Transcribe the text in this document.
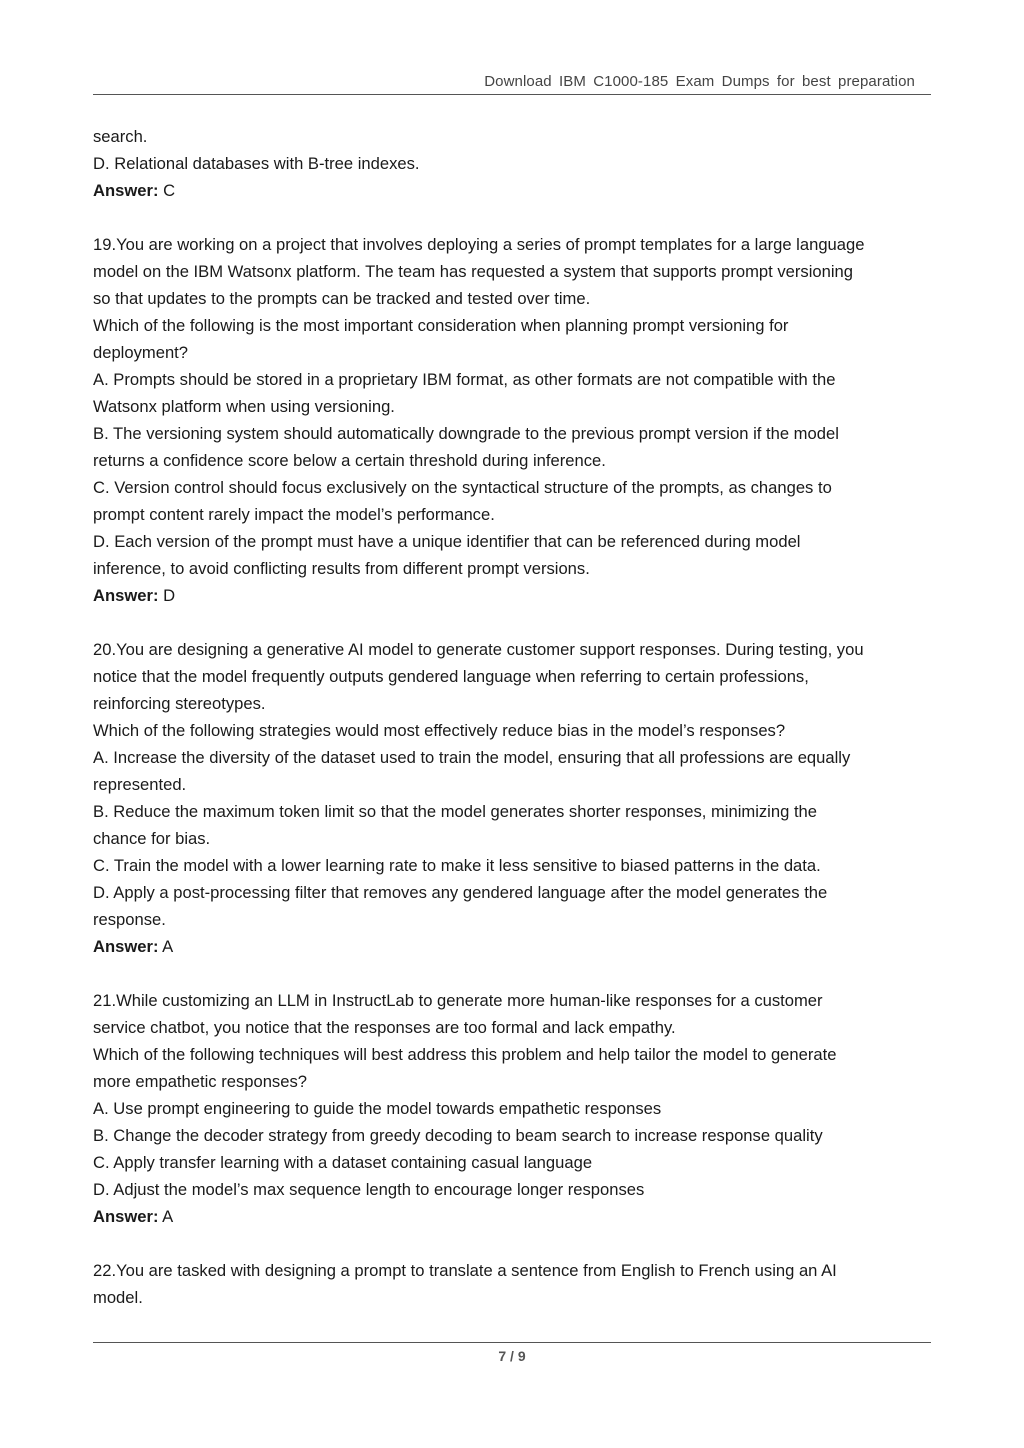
Download IBM C1000-185 Exam Dumps for best preparation
search.
D. Relational databases with B-tree indexes.
Answer: C
19.You are working on a project that involves deploying a series of prompt templates for a large language
model on the IBM Watsonx platform. The team has requested a system that supports prompt versioning
so that updates to the prompts can be tracked and tested over time.
Which of the following is the most important consideration when planning prompt versioning for
deployment?
A. Prompts should be stored in a proprietary IBM format, as other formats are not compatible with the
Watsonx platform when using versioning.
B. The versioning system should automatically downgrade to the previous prompt version if the model
returns a confidence score below a certain threshold during inference.
C. Version control should focus exclusively on the syntactical structure of the prompts, as changes to
prompt content rarely impact the model’s performance.
D. Each version of the prompt must have a unique identifier that can be referenced during model
inference, to avoid conflicting results from different prompt versions.
Answer: D
20.You are designing a generative AI model to generate customer support responses. During testing, you
notice that the model frequently outputs gendered language when referring to certain professions,
reinforcing stereotypes.
Which of the following strategies would most effectively reduce bias in the model’s responses?
A. Increase the diversity of the dataset used to train the model, ensuring that all professions are equally
represented.
B. Reduce the maximum token limit so that the model generates shorter responses, minimizing the
chance for bias.
C. Train the model with a lower learning rate to make it less sensitive to biased patterns in the data.
D. Apply a post-processing filter that removes any gendered language after the model generates the
response.
Answer: A
21.While customizing an LLM in InstructLab to generate more human-like responses for a customer
service chatbot, you notice that the responses are too formal and lack empathy.
Which of the following techniques will best address this problem and help tailor the model to generate
more empathetic responses?
A. Use prompt engineering to guide the model towards empathetic responses
B. Change the decoder strategy from greedy decoding to beam search to increase response quality
C. Apply transfer learning with a dataset containing casual language
D. Adjust the model’s max sequence length to encourage longer responses
Answer: A
22.You are tasked with designing a prompt to translate a sentence from English to French using an AI
model.
7 / 9
